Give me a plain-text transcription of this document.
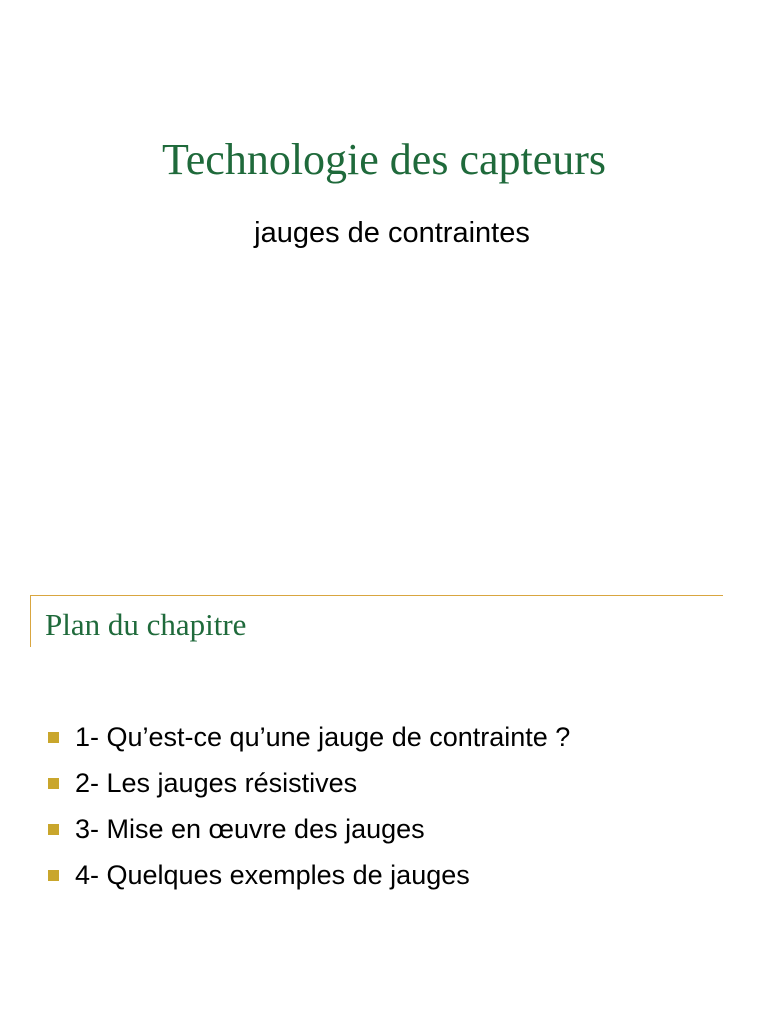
Technologie des capteurs
jauges de contraintes
Plan du chapitre
1- Qu’est-ce qu’une jauge de contrainte ?
2- Les jauges résistives
3- Mise en œuvre des jauges
4- Quelques exemples de jauges
